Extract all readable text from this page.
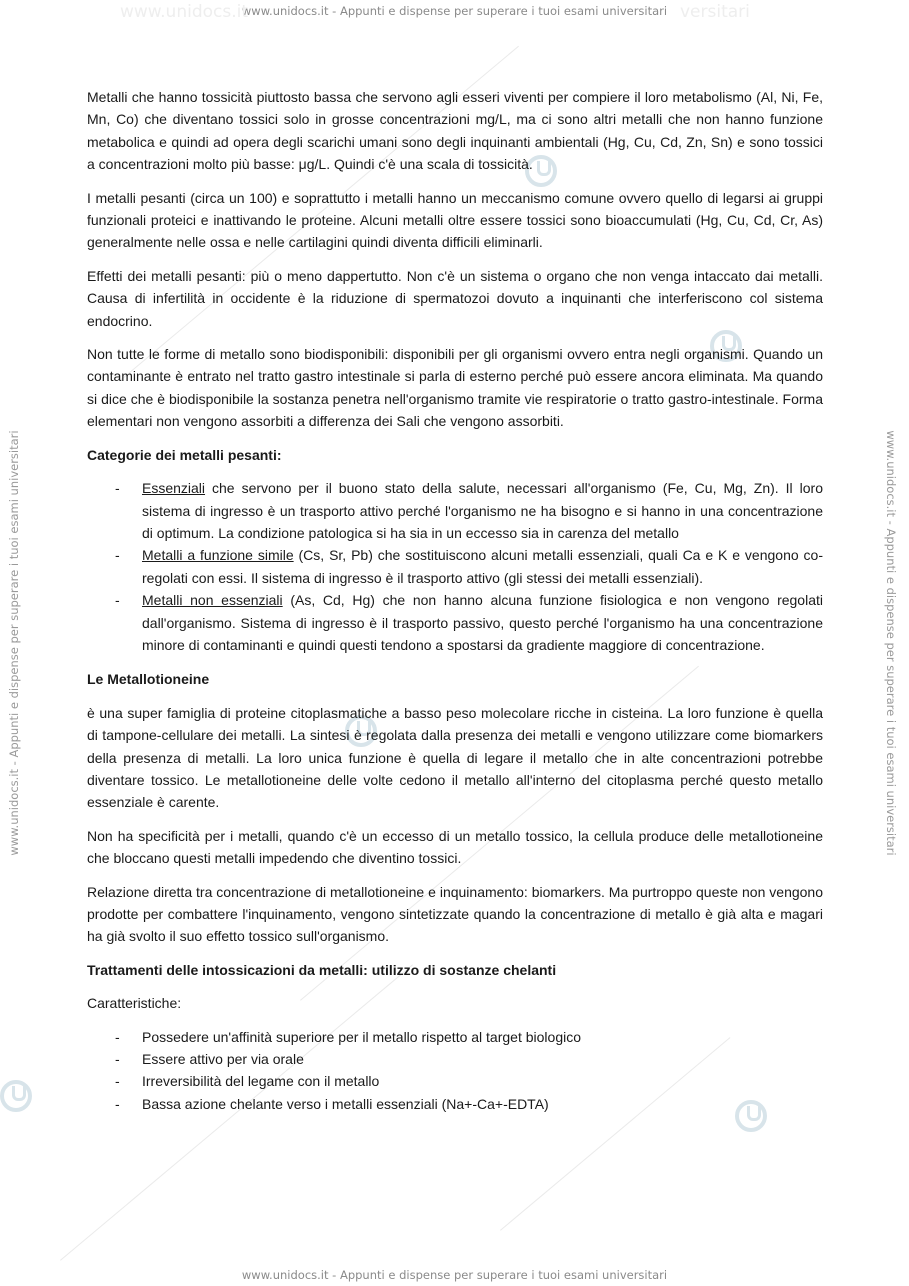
www.unidocs.it - Appunti e dispense per superare i tuoi esami universitari
www.unidocs.it	versitari
www.unidocs.it - Appunti e dispense per superare i tuoi esami universitari
www.unidocs.it - Appunti e dispense per superare i tuoi esami universitari	www.unidocs.it - Appunti e dispense per superare i tuoi esami universitari

Metalli che hanno tossicità piuttosto bassa che servono agli esseri viventi per compiere il loro metabolismo (Al, Ni, Fe, Mn, Co) che diventano tossici solo in grosse concentrazioni mg/L, ma ci sono altri metalli che non hanno funzione metabolica e quindi ad opera degli scarichi umani sono degli inquinanti ambientali (Hg, Cu, Cd, Zn, Sn) e sono tossici a concentrazioni molto più basse: μg/L. Quindi c'è una scala di tossicità.

I metalli pesanti (circa un 100) e soprattutto i metalli hanno un meccanismo comune ovvero quello di legarsi ai gruppi funzionali proteici e inattivando le proteine. Alcuni metalli oltre essere tossici sono bioaccumulati (Hg, Cu, Cd, Cr, As) generalmente nelle ossa e nelle cartilagini quindi diventa difficili eliminarli.

Effetti dei metalli pesanti: più o meno dappertutto. Non c'è un sistema o organo che non venga intaccato dai metalli. Causa di infertilità in occidente è la riduzione di spermatozoi dovuto a inquinanti che interferiscono col sistema endocrino.

Non tutte le forme di metallo sono biodisponibili: disponibili per gli organismi ovvero entra negli organismi. Quando un contaminante è entrato nel tratto gastro intestinale si parla di esterno perché può essere ancora eliminata. Ma quando si dice che è biodisponibile la sostanza penetra nell'organismo tramite vie respiratorie o tratto gastro-intestinale. Forma elementari non vengono assorbiti a differenza dei Sali che vengono assorbiti.

Categorie dei metalli pesanti:
- Essenziali che servono per il buono stato della salute, necessari all'organismo (Fe, Cu, Mg, Zn). Il loro sistema di ingresso è un trasporto attivo perché l'organismo ne ha bisogno e si hanno in una concentrazione di optimum. La condizione patologica si ha sia in un eccesso sia in carenza del metallo
- Metalli a funzione simile (Cs, Sr, Pb) che sostituiscono alcuni metalli essenziali, quali Ca e K e vengono co-regolati con essi. Il sistema di ingresso è il trasporto attivo (gli stessi dei metalli essenziali).
- Metalli non essenziali (As, Cd, Hg) che non hanno alcuna funzione fisiologica e non vengono regolati dall'organismo. Sistema di ingresso è il trasporto passivo, questo perché l'organismo ha una concentrazione minore di contaminanti e quindi questi tendono a spostarsi da gradiente maggiore di concentrazione.
Le Metallotioneine

è una super famiglia di proteine citoplasmatiche a basso peso molecolare ricche in cisteina. La loro funzione è quella di tampone-cellulare dei metalli. La sintesi è regolata dalla presenza dei metalli e vengono utilizzare come biomarkers della presenza di metalli. La loro unica funzione è quella di legare il metallo che in alte concentrazioni potrebbe diventare tossico. Le metallotioneine delle volte cedono il metallo all'interno del citoplasma perché questo metallo essenziale è carente.

Non ha specificità per i metalli, quando c'è un eccesso di un metallo tossico, la cellula produce delle metallotioneine che bloccano questi metalli impedendo che diventino tossici.

Relazione diretta tra concentrazione di metallotioneine e inquinamento: biomarkers. Ma purtroppo queste non vengono prodotte per combattere l'inquinamento, vengono sintetizzate quando la concentrazione di metallo è già alta e magari ha già svolto il suo effetto tossico sull'organismo.

Trattamenti delle intossicazioni da metalli: utilizzo di sostanze chelanti

Caratteristiche:

- Possedere un'affinità superiore per il metallo rispetto al target biologico
- Essere attivo per via orale
- Irreversibilità del legame con il metallo
- Bassa azione chelante verso i metalli essenziali (Na+-Ca+-EDTA)
